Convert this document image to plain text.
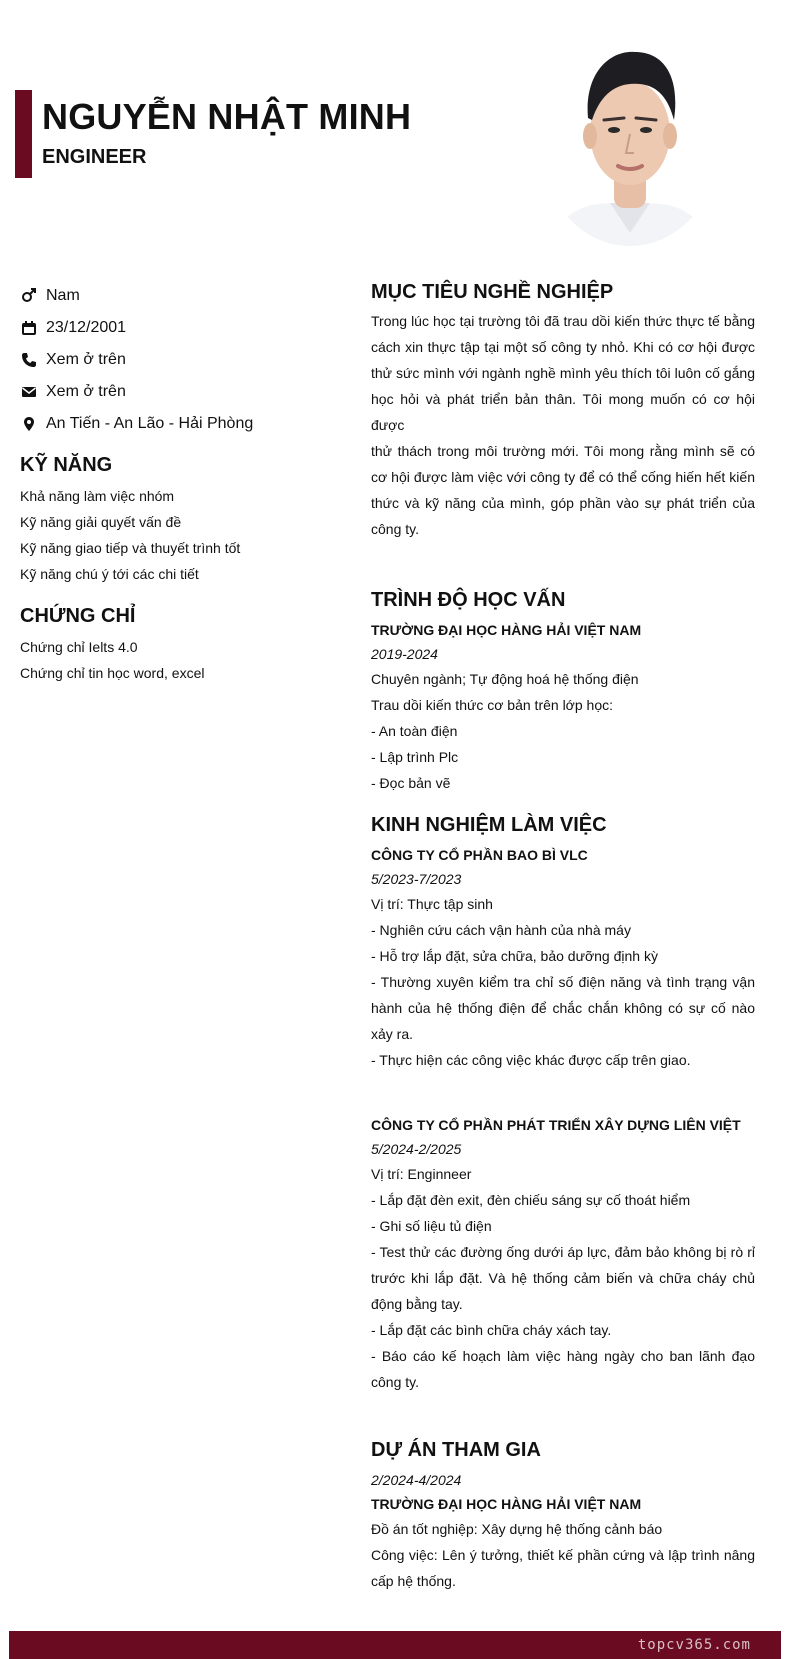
NGUYỄN NHẬT MINH
ENGINEER
Nam
23/12/2001
Xem ở trên
Xem ở trên
An Tiến - An Lão - Hải Phòng
KỸ NĂNG
Khả năng làm việc nhóm
Kỹ năng giải quyết vấn đề
Kỹ năng giao tiếp và thuyết trình tốt
Kỹ năng chú ý tới các chi tiết
CHỨNG CHỈ
Chứng chỉ Ielts 4.0
Chứng chỉ tin học word, excel
MỤC TIÊU NGHỀ NGHIỆP
Trong lúc học tại trường tôi đã trau dồi kiến thức thực tế bằng cách xin thực tập tại một số công ty nhỏ. Khi có cơ hội được thử sức mình với ngành nghề mình yêu thích tôi luôn cố gắng học hỏi và phát triển bản thân. Tôi mong muốn có cơ hội được
thử thách trong môi trường mới. Tôi mong rằng mình sẽ có cơ hội được làm việc với công ty để có thể cống hiến hết kiến thức và kỹ năng của mình, góp phần vào sự phát triển của công ty.
TRÌNH ĐỘ HỌC VẤN
TRƯỜNG ĐẠI HỌC HÀNG HẢI VIỆT NAM
2019-2024
Chuyên ngành; Tự động hoá hệ thống điện
Trau dồi kiến thức cơ bản trên lớp học:
- An toàn điện
- Lập trình Plc
- Đọc bản vẽ
KINH NGHIỆM LÀM VIỆC
CÔNG TY CỔ PHẦN BAO BÌ VLC
5/2023-7/2023
Vị trí: Thực tập sinh
- Nghiên cứu cách vận hành của nhà máy
- Hỗ trợ lắp đặt, sửa chữa, bảo dưỡng định kỳ
- Thường xuyên kiểm tra chỉ số điện năng và tình trạng vận hành của hệ thống điện để chắc chắn không có sự cố nào xảy ra.
- Thực hiện các công việc khác được cấp trên giao.
CÔNG TY CỔ PHẦN PHÁT TRIỂN XÂY DỰNG LIÊN VIỆT
5/2024-2/2025
Vị trí: Enginneer
- Lắp đặt đèn exit, đèn chiếu sáng sự cố thoát hiểm
- Ghi số liệu tủ điện
- Test thử các đường ống dưới áp lực, đảm bảo không bị rò rỉ trước khi lắp đặt. Và hệ thống cảm biến và chữa cháy chủ động bằng tay.
- Lắp đặt các bình chữa cháy xách tay.
- Báo cáo kế hoạch làm việc hàng ngày cho ban lãnh đạo công ty.
DỰ ÁN THAM GIA
2/2024-4/2024
TRƯỜNG ĐẠI HỌC HÀNG HẢI VIỆT NAM
Đồ án tốt nghiệp: Xây dựng hệ thống cảnh báo
Công việc: Lên ý tưởng, thiết kế phần cứng và lập trình nâng cấp hệ thống.
topcv365.com
